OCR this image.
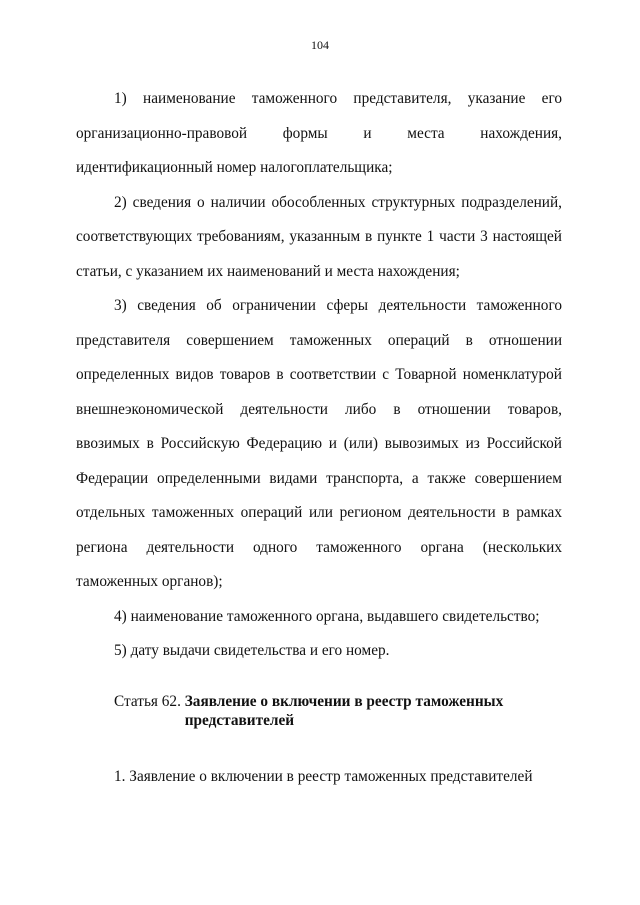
104

1) наименование таможенного представителя, указание его организационно-правовой формы и места нахождения, идентификационный номер налогоплательщика;

2) сведения о наличии обособленных структурных подразделений, соответствующих требованиям, указанным в пункте 1 части 3 настоящей статьи, с указанием их наименований и места нахождения;

3) сведения об ограничении сферы деятельности таможенного представителя совершением таможенных операций в отношении определенных видов товаров в соответствии с Товарной номенклатурой внешнеэкономической деятельности либо в отношении товаров, ввозимых в Российскую Федерацию и (или) вывозимых из Российской Федерации определенными видами транспорта, а также совершением отдельных таможенных операций или регионом деятельности в рамках региона деятельности одного таможенного органа (нескольких таможенных органов);

4) наименование таможенного органа, выдавшего свидетельство;

5) дату выдачи свидетельства и его номер.

Статья 62. Заявление о включении в реестр таможенных представителей

1. Заявление о включении в реестр таможенных представителей
